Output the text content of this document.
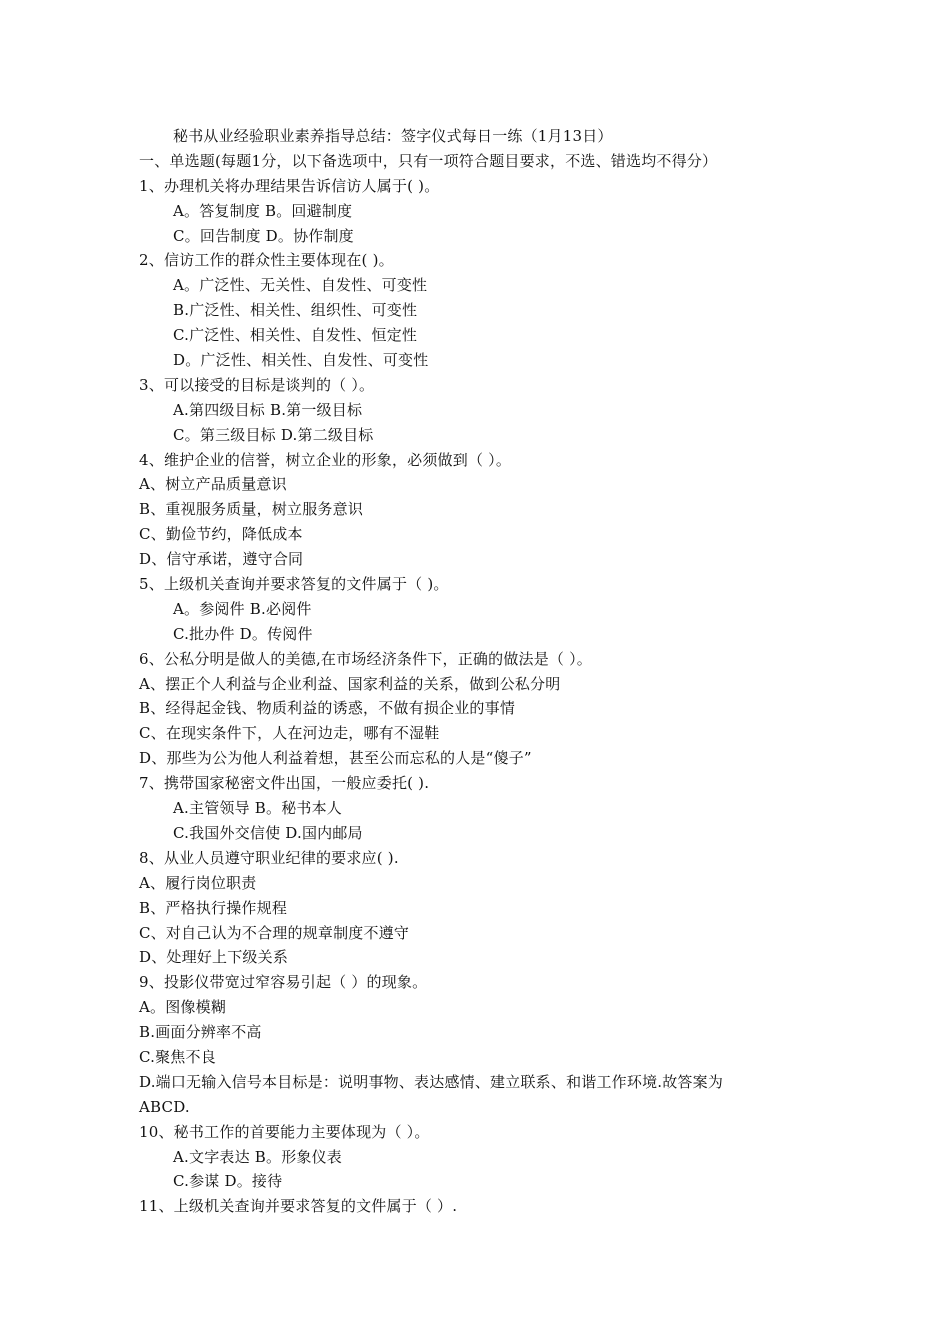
秘书从业经验职业素养指导总结：签字仪式每日一练（1月13日）
一、单选题(每题1分，以下备选项中，只有一项符合题目要求，不选、错选均不得分）
1、办理机关将办理结果告诉信访人属于( )。
A。答复制度 B。回避制度
C。回告制度 D。协作制度
2、信访工作的群众性主要体现在( )。
A。广泛性、无关性、自发性、可变性
B.广泛性、相关性、组织性、可变性
C.广泛性、相关性、自发性、恒定性
D。广泛性、相关性、自发性、可变性
3、可以接受的目标是谈判的（ ）。
A.第四级目标 B.第一级目标
C。第三级目标 D.第二级目标
4、维护企业的信誉，树立企业的形象，必须做到（ ）。
A、树立产品质量意识
B、重视服务质量，树立服务意识
C、勤俭节约，降低成本
D、信守承诺，遵守合同
5、上级机关查询并要求答复的文件属于（ )。
A。参阅件 B.必阅件
C.批办件 D。传阅件
6、公私分明是做人的美德,在市场经济条件下，正确的做法是（ ）。
A、摆正个人利益与企业利益、国家利益的关系，做到公私分明
B、经得起金钱、物质利益的诱惑，不做有损企业的事情
C、在现实条件下，人在河边走，哪有不湿鞋
D、那些为公为他人利益着想，甚至公而忘私的人是“傻子”
7、携带国家秘密文件出国，一般应委托( ).
A.主管领导 B。秘书本人
C.我国外交信使 D.国内邮局
8、从业人员遵守职业纪律的要求应( ).
A、履行岗位职责
B、严格执行操作规程
C、对自己认为不合理的规章制度不遵守
D、处理好上下级关系
9、投影仪带宽过窄容易引起（ ）的现象。
A。图像模糊
B.画面分辨率不高
C.聚焦不良
D.端口无输入信号本目标是：说明事物、表达感情、建立联系、和谐工作环境.故答案为
ABCD.
10、秘书工作的首要能力主要体现为（ ）。
A.文字表达 B。形象仪表
C.参谋 D。接待
11、上级机关查询并要求答复的文件属于（ ）.
